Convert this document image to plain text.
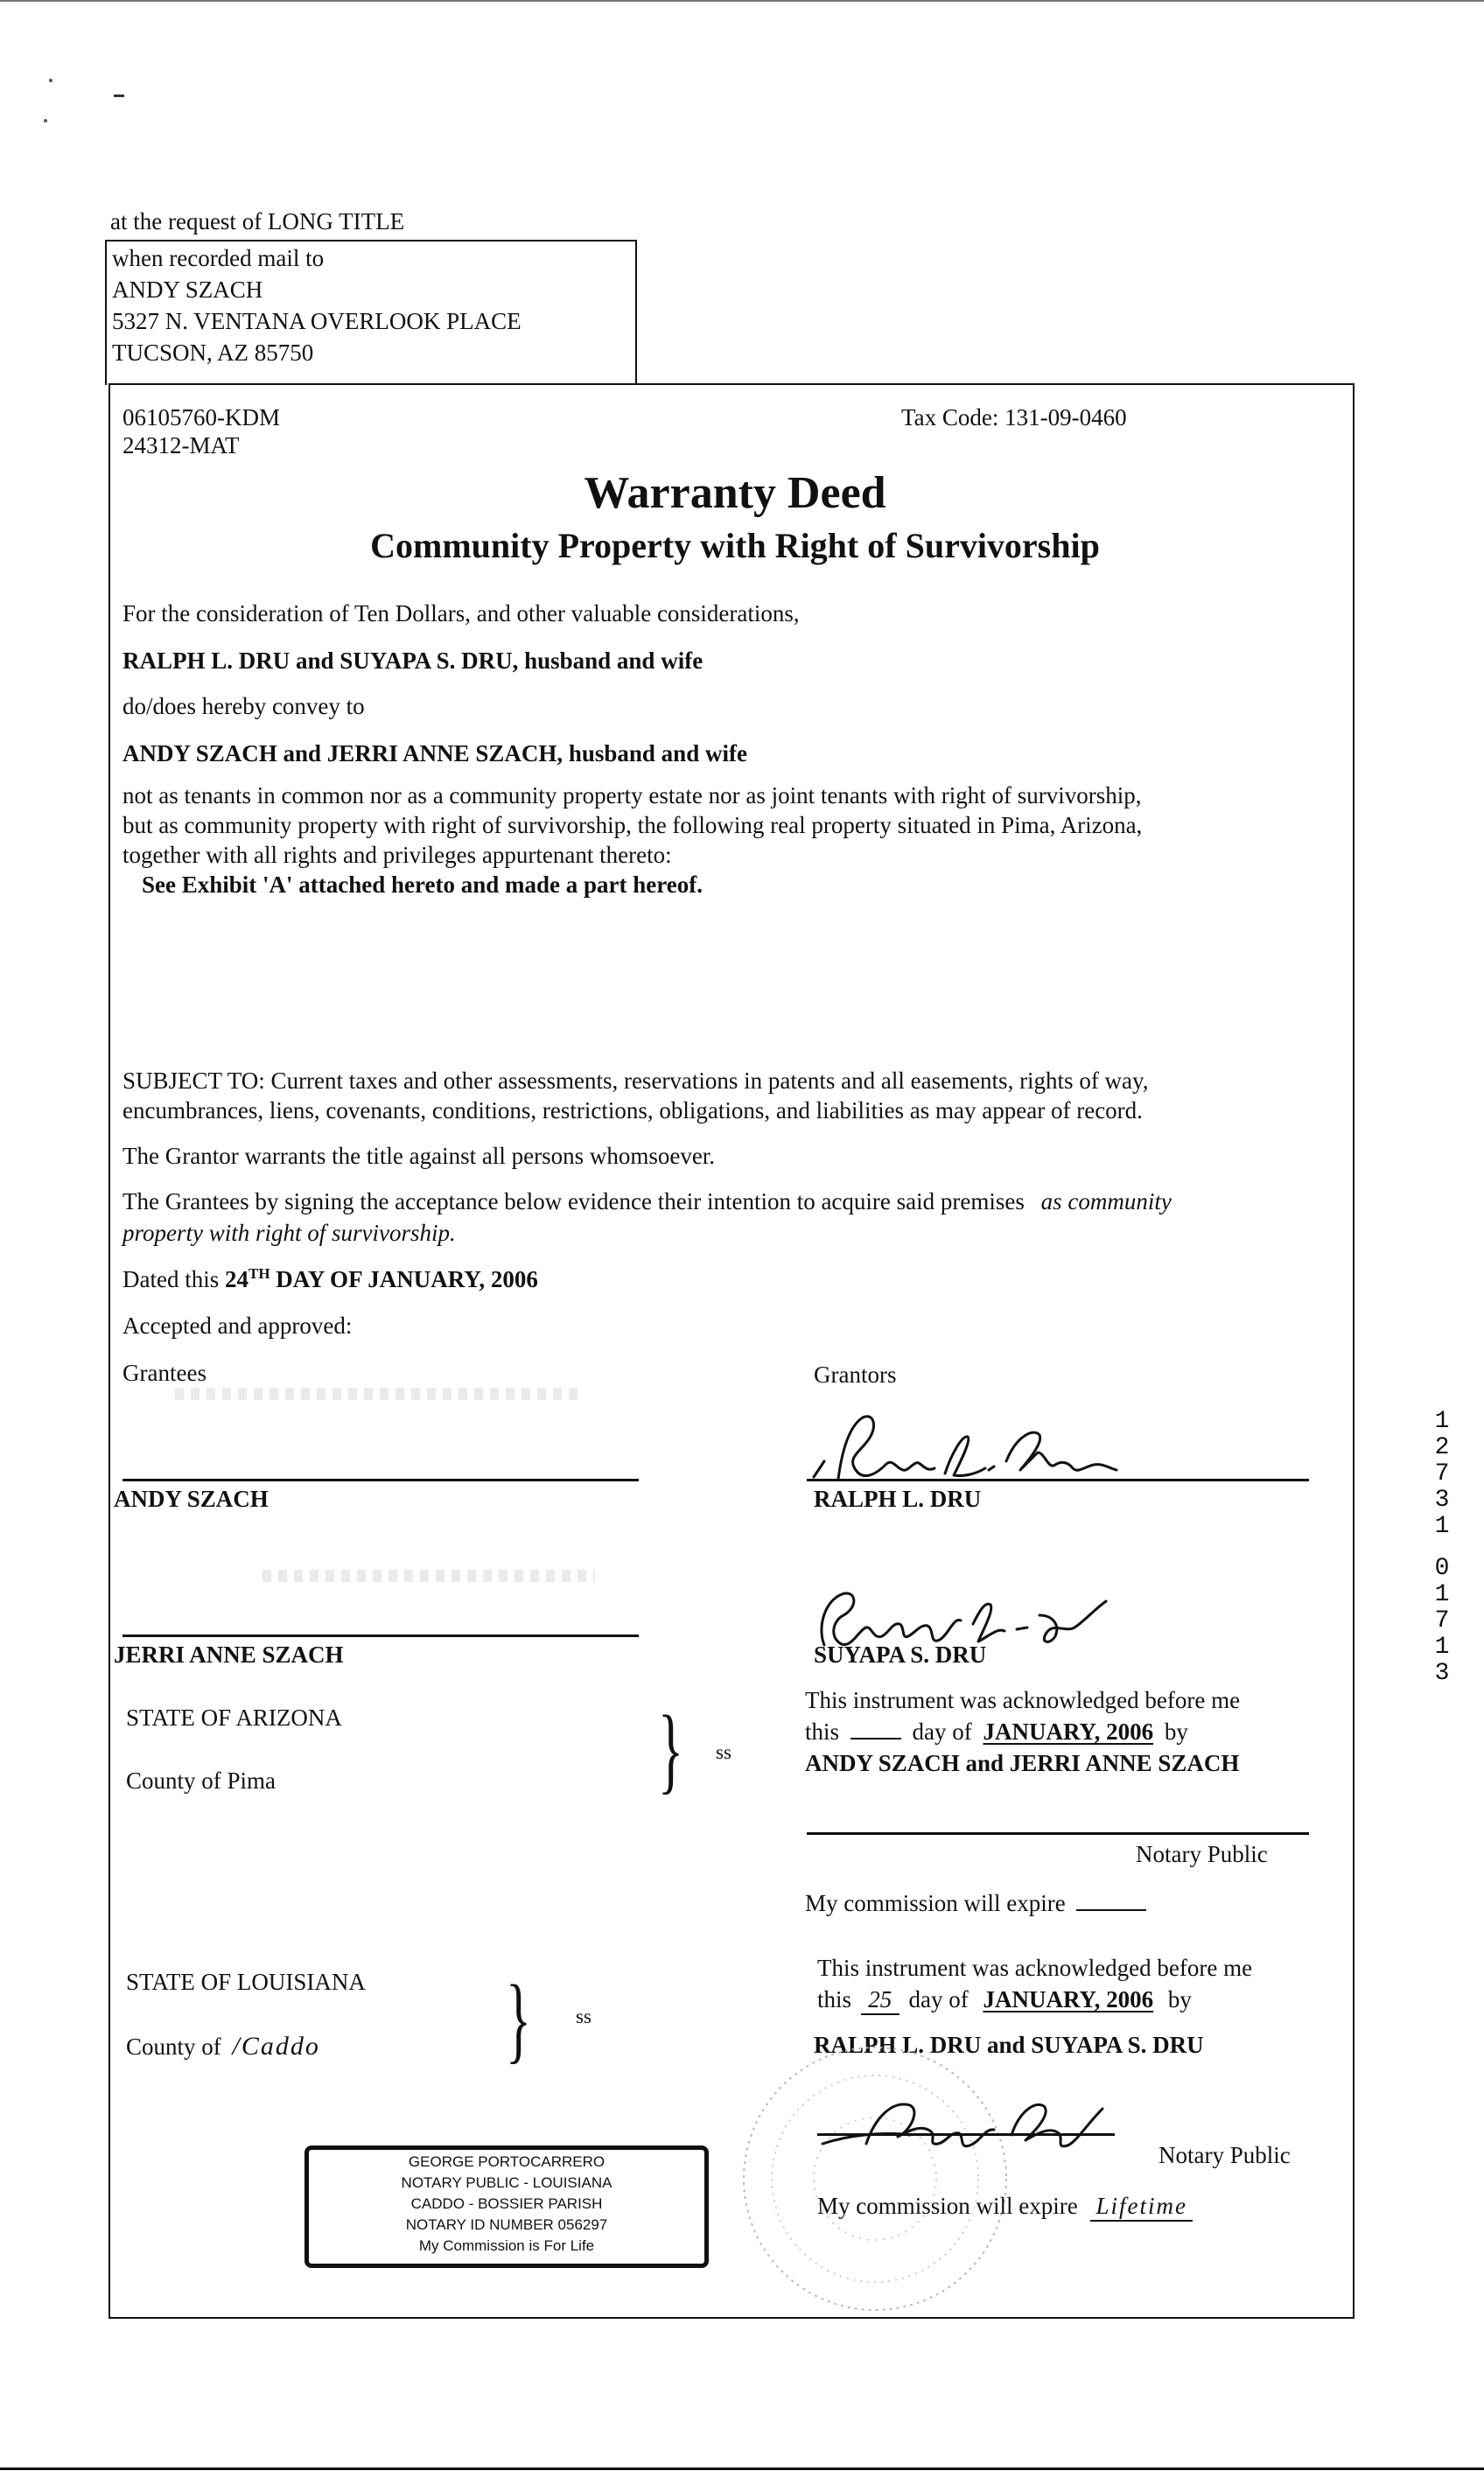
at the request of LONG TITLE
when recorded mail to
ANDY SZACH
5327 N. VENTANA OVERLOOK PLACE
TUCSON, AZ 85750
06105760-KDM
24312-MAT
Tax Code: 131-09-0460
Warranty Deed
Community Property with Right of Survivorship
For the consideration of Ten Dollars, and other valuable considerations,
RALPH L. DRU and SUYAPA S. DRU, husband and wife
do/does hereby convey to
ANDY SZACH and JERRI ANNE SZACH, husband and wife
not as tenants in common nor as a community property estate nor as joint tenants with right of survivorship,
but as community property with right of survivorship, the following real property situated in Pima, Arizona,
together with all rights and privileges appurtenant thereto:
See Exhibit 'A' attached hereto and made a part hereof.
SUBJECT TO: Current taxes and other assessments, reservations in patents and all easements, rights of way,
encumbrances, liens, covenants, conditions, restrictions, obligations, and liabilities as may appear of record.
The Grantor warrants the title against all persons whomsoever.
The Grantees by signing the acceptance below evidence their intention to acquire said premises as community
property with right of survivorship.
Dated this 24TH DAY OF JANUARY, 2006
Accepted and approved:
Grantees	Grantors
ANDY SZACH	RALPH L. DRU
JERRI ANNE SZACH	SUYAPA S. DRU
STATE OF ARIZONA
County of Pima	} ss
This instrument was acknowledged before me
this	day of JANUARY, 2006 by
ANDY SZACH and JERRI ANNE SZACH
Notary Public
My commission will expire
STATE OF LOUISIANA
County of /Caddo } ss
This instrument was acknowledged before me
this 25 day of JANUARY, 2006 by
RALPH L. DRU and SUYAPA S. DRU
Notary Public
My commission will expire Lifetime
GEORGE PORTOCARRERO
NOTARY PUBLIC - LOUISIANA
CADDO - BOSSIER PARISH
NOTARY ID NUMBER 056297
My Commission is For Life
1
2
7
3
1
0
1
7
1
3
